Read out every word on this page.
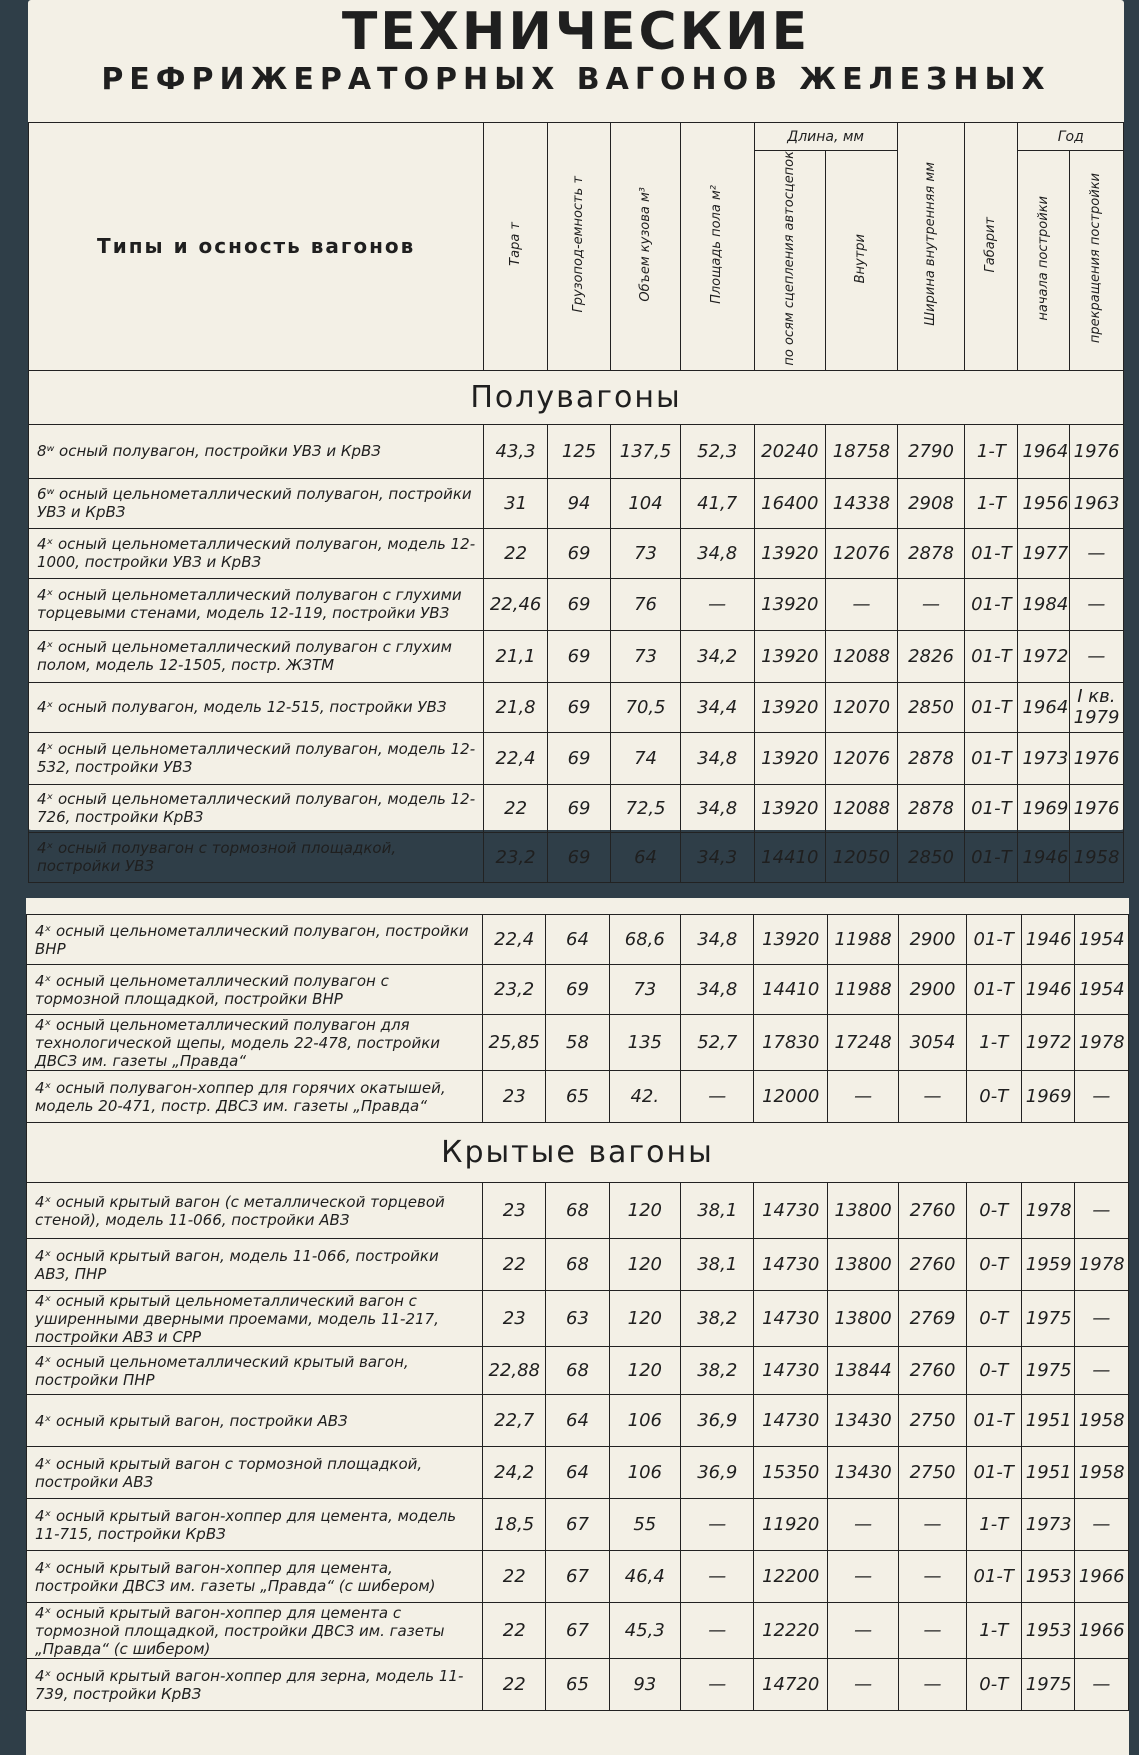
ТЕХНИЧЕСКИЕ
РЕФРИЖЕРАТОРНЫХ ВАГОНОВ ЖЕЛЕЗНЫХ
Типы и осность вагонов	Тара т	Грузопод-емность т	Объем кузова м³	Площадь пола м²	Длина, мм		Ширина внутренняя мм	Габарит	Год	
					по осям сцепления автосцепок	Внутри			начала постройки	прекращения постройки
Полувагоны										
8ʷ осный полувагон, постройки УВЗ и КрВЗ	43,3	125	137,5	52,3	20240	18758	2790	1-Т	1964	1976
6ʷ осный цельнометаллический полувагон, постройки УВЗ и КрВЗ	31	94	104	41,7	16400	14338	2908	1-Т	1956	1963
4ˣ осный цельнометаллический полувагон, модель 12-1000, постройки УВЗ и КрВЗ	22	69	73	34,8	13920	12076	2878	01-Т	1977	—
4ˣ осный цельнометаллический полувагон с глухими торцевыми стенами, модель 12-119, постройки УВЗ	22,46	69	76	—	13920	—	—	01-Т	1984	—
4ˣ осный цельнометаллический полувагон с глухим полом, модель 12-1505, постр. ЖЗТМ	21,1	69	73	34,2	13920	12088	2826	01-Т	1972	—
4ˣ осный полувагон, модель 12-515, постройки УВЗ	21,8	69	70,5	34,4	13920	12070	2850	01-Т	1964	I кв. 1979
4ˣ осный цельнометаллический полувагон, модель 12-532, постройки УВЗ	22,4	69	74	34,8	13920	12076	2878	01-Т	1973	1976
4ˣ осный цельнометаллический полувагон, модель 12-726, постройки КрВЗ	22	69	72,5	34,8	13920	12088	2878	01-Т	1969	1976
4ˣ осный полувагон с тормозной площадкой, постройки УВЗ	23,2	69	64	34,3	14410	12050	2850	01-Т	1946	1958
4ˣ осный цельнометаллический полувагон, постройки ВНР	22,4	64	68,6	34,8	13920	11988	2900	01-Т	1946	1954
4ˣ осный цельнометаллический полувагон с тормозной площадкой, постройки ВНР	23,2	69	73	34,8	14410	11988	2900	01-Т	1946	1954
4ˣ осный цельнометаллический полувагон для технологической щепы, модель 22-478, постройки ДВСЗ им. газеты „Правда“	25,85	58	135	52,7	17830	17248	3054	1-Т	1972	1978
4ˣ осный полувагон-хоппер для горячих окатышей, модель 20-471, постр. ДВСЗ им. газеты „Правда“	23	65	42.	—	12000	—	—	0-Т	1969	—
Крытые вагоны										
4ˣ осный крытый вагон (с металлической торцевой стеной), модель 11-066, постройки АВЗ	23	68	120	38,1	14730	13800	2760	0-Т	1978	—
4ˣ осный крытый вагон, модель 11-066, постройки АВЗ, ПНР	22	68	120	38,1	14730	13800	2760	0-Т	1959	1978
4ˣ осный крытый цельнометаллический вагон с уширенными дверными проемами, модель 11-217, постройки АВЗ и СРР	23	63	120	38,2	14730	13800	2769	0-Т	1975	—
4ˣ осный цельнометаллический крытый вагон, постройки ПНР	22,88	68	120	38,2	14730	13844	2760	0-Т	1975	—
4ˣ осный крытый вагон, постройки АВЗ	22,7	64	106	36,9	14730	13430	2750	01-Т	1951	1958
4ˣ осный крытый вагон с тормозной площадкой, постройки АВЗ	24,2	64	106	36,9	15350	13430	2750	01-Т	1951	1958
4ˣ осный крытый вагон-хоппер для цемента, модель 11-715, постройки КрВЗ	18,5	67	55	—	11920	—	—	1-Т	1973	—
4ˣ осный крытый вагон-хоппер для цемента, постройки ДВСЗ им. газеты „Правда“ (с шибером)	22	67	46,4	—	12200	—	—	01-Т	1953	1966
4ˣ осный крытый вагон-хоппер для цемента с тормозной площадкой, постройки ДВСЗ им. газеты „Правда“ (с шибером)	22	67	45,3	—	12220	—	—	1-Т	1953	1966
4ˣ осный крытый вагон-хоппер для зерна, модель 11-739, постройки КрВЗ	22	65	93	—	14720	—	—	0-Т	1975	—
